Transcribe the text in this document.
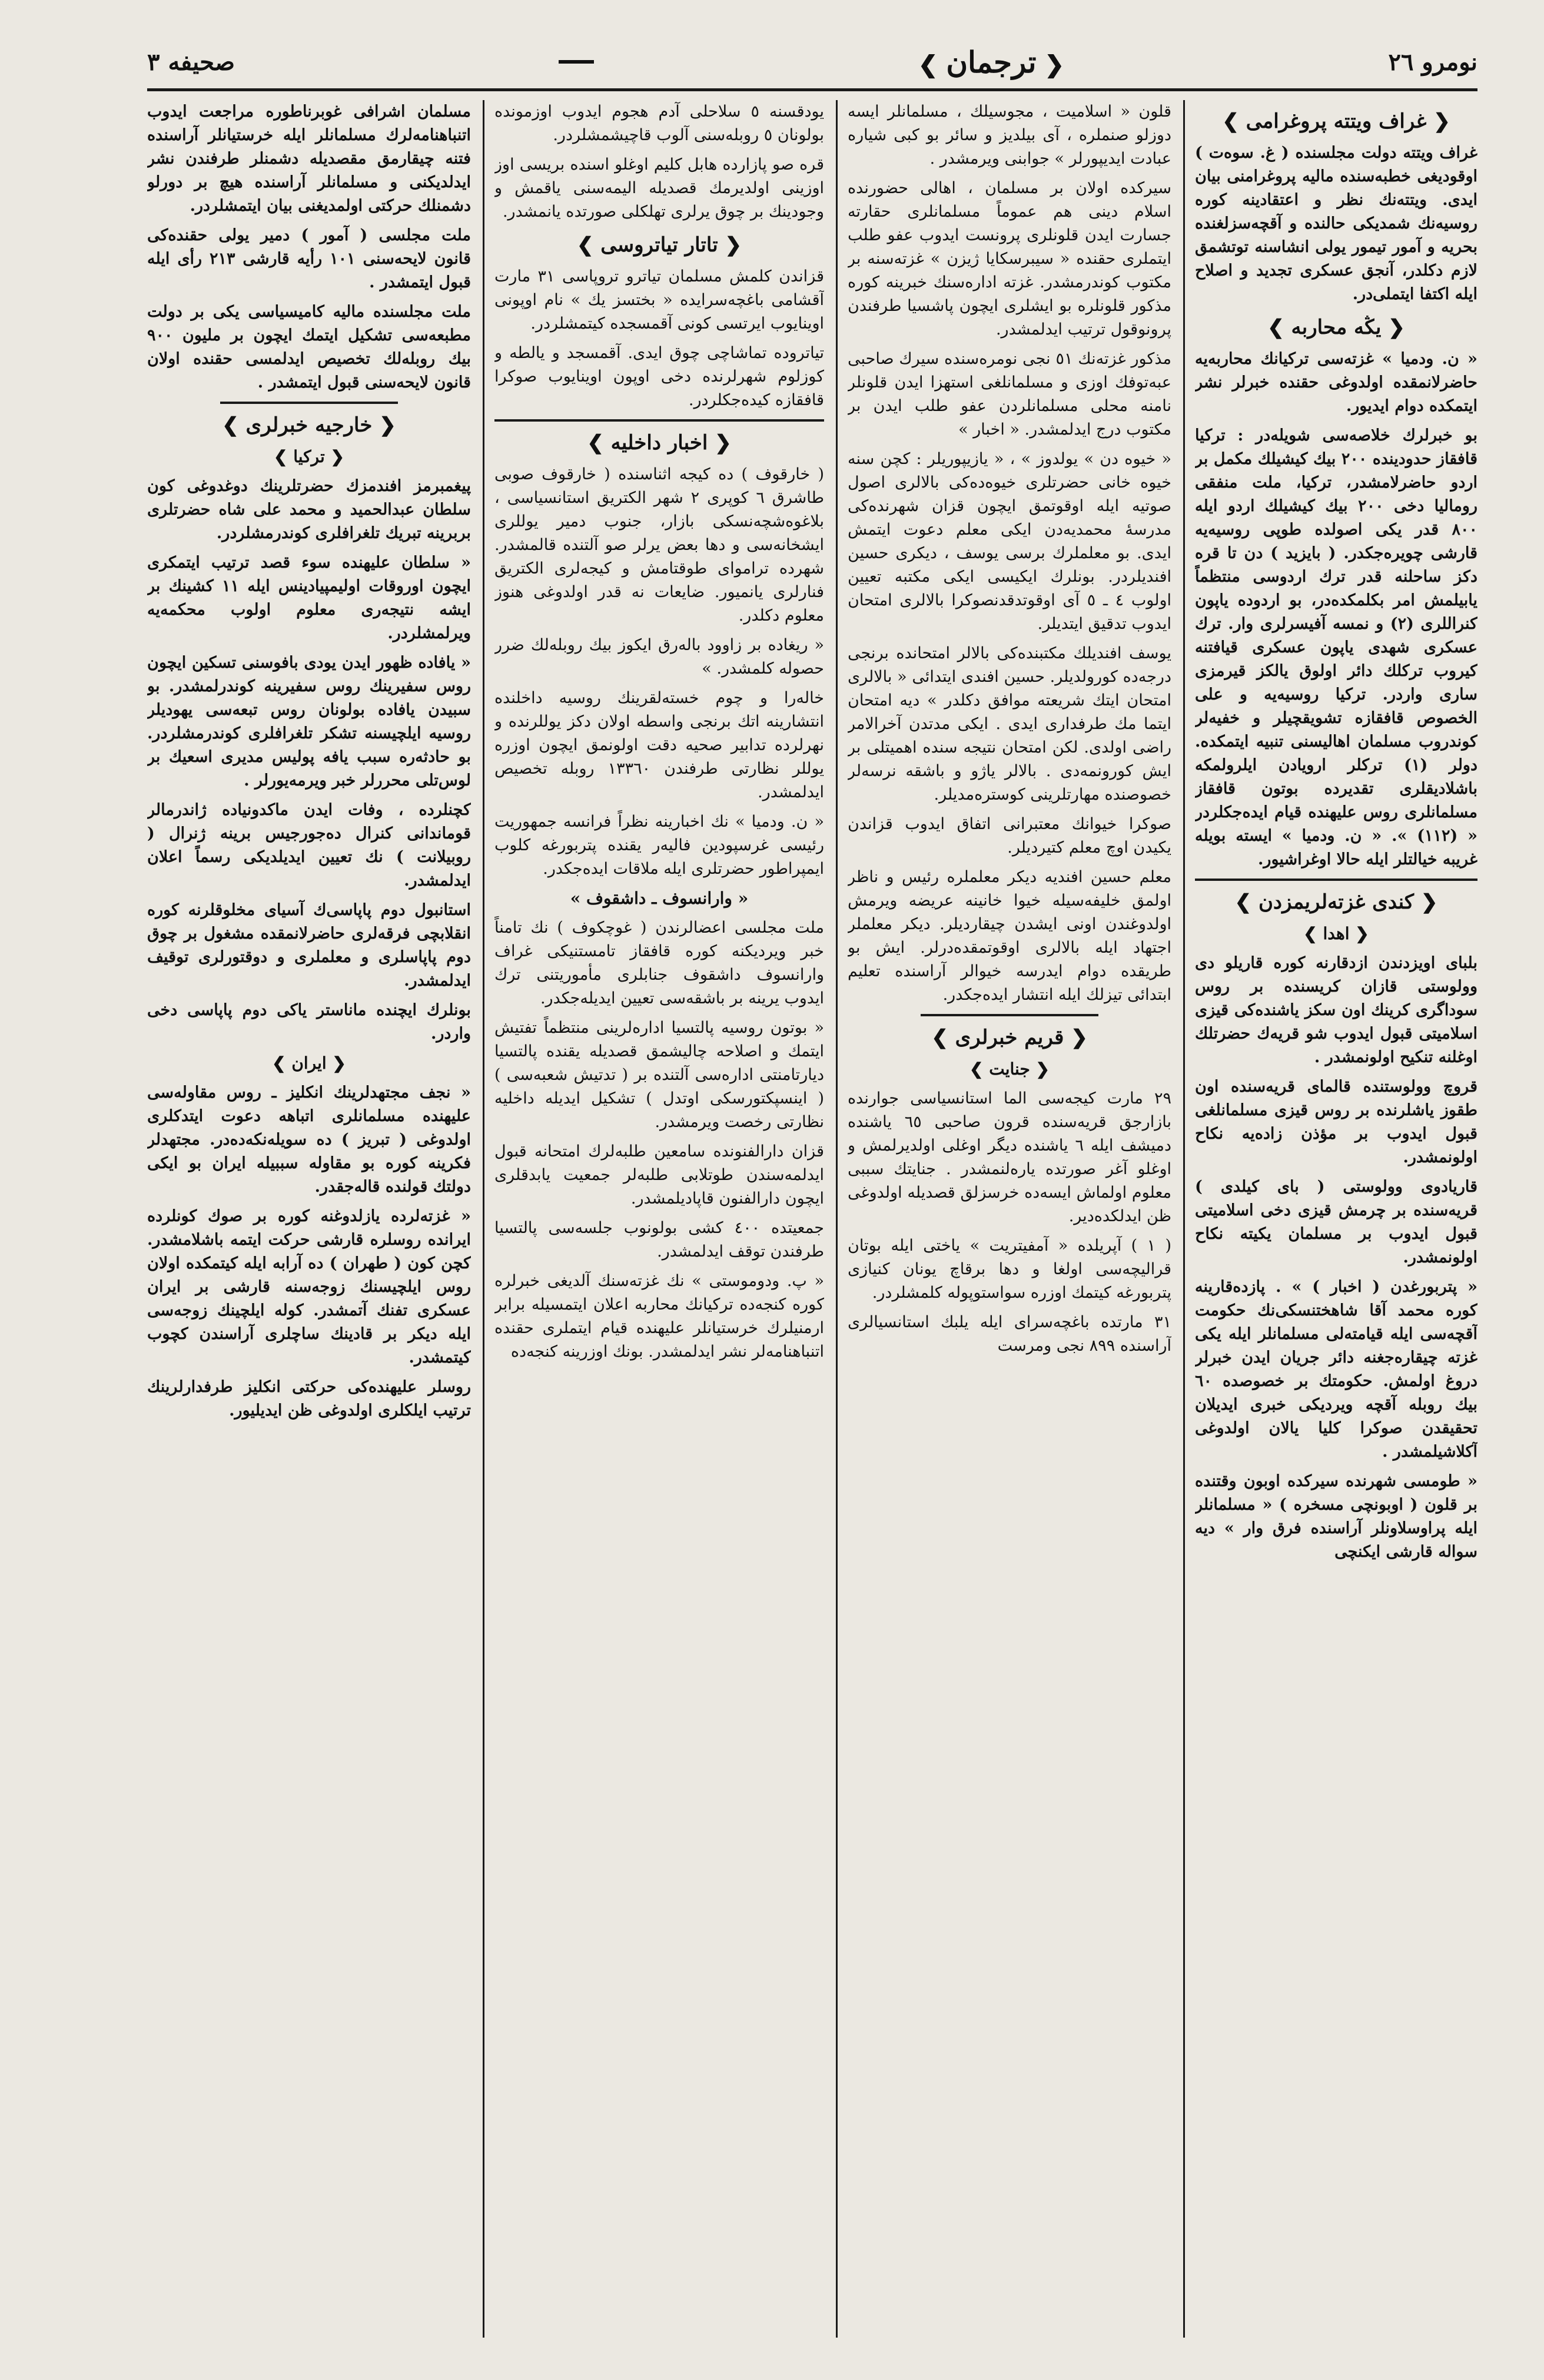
نومرو ٢٦
❮ ترجمان ❯
صحيفه ٣
❮ غراف ويتته پروغرامی ❯

غراف ويتته دولت مجلسنده ( غ. سوەت ) اوقوديغی خطبه‌سنده ماليه پروغرامنی بيان ايدی. ويتته‌نك نظر و اعتقادينه كوره روسيه‌نك شمديكی حالنده و آقچه‌سزلغنده بحريه و آمور تيمور يولی انشاسنه توتشمق لازم دكلدر، آنجق عسكری تجديد و اصلاح ايله اكتفا ايتملی‌در.

❮ يڭه محاربه ❯

« ن. ودميا » غزته‌سی تركيانك محاربه‌يه حاضرلانمقده اولدوغی حقنده خبرلر نشر ايتمكده دوام ايديور.

بو خبرلرك خلاصه‌سی شويله‌در : تركيا قافقاز حدودينده ٢٠٠ بيك كيشيلك مكمل بر اردو حاضرلامشدر، تركيا، ملت منفقی روماليا دخی ٢٠٠ بيك كيشيلك اردو ايله ٨٠٠ قدر يكی اصولده طوپی روسيه‌يه قارشی چويره‌جكدر. ( بايزيد ) دن تا قره دكز ساحلنه قدر ترك اردوسی منتظماً يابيلمش امر بكلمكده‌در، بو اردوده ياپون كنراللری (٢) و نمسه آفيسرلری وار. ترك عسكری شهدی ياپون عسكری قيافتنه كيروب تركلك دائر اولوق يالكز قيرمزی ساری واردر. تركيا روسيه‌يه و على الخصوص قافقازه تشويقچيلر و خفيه‌لر كوندروب مسلمان اهاليسنی تنبيه ايتمكده. دولر (١) تركلر ارويادن ايلرولمكه باشلاديقلری تقديرده بوتون قافقاز مسلمانلری روس عليهنده قيام ايدەجكلردر « (١١٢) ». « ن. ودميا » ايسته بويله غريبه خيالتلر ايله حالا اوغراشيور.

❮ كندی غزته‌لريمزدن ❯
❮ اهدا ❯

بلبای اويزدندن ازدقارنه كوره قاريلو دی وولوستی قازان كريسنده بر روس سوداگری كرينك اون سكز ياشنده‌كی قيزی اسلاميتی قبول ايدوب شو قريه‌ك حضرتلك اوغلنه تنكيح اولونمشدر .

قروچ وولوستنده قالمای قريه‌سنده اون طقوز ياشلرنده بر روس قيزی مسلمانلغی قبول ايدوب بر مؤذن زاده‌يه نكاح اولونمشدر.

قاريادوی وولوستی ( بای كيلدی ) قريه‌سنده بر چرمش قيزی دخی اسلاميتی قبول ايدوب بر مسلمان يكيته نكاح اولونمشدر.

« پتربورغدن ( اخبار ) » . پازده‌قارينه كوره محمد آقا شاهختنسكی‌نك حكومت آقچه‌سی ايله قيامته‌لی مسلمانلر ايله يكی غزته چيقاره‌جغنه دائر جريان ايدن خبرلر دروغ اولمش. حكومتك بر خصوصده ٦٠ بيك روبله آقچه ويرديكی خبری ايديلان تحقيقدن صوكرا كليا يالان اولدوغی آكلاشيلمشدر .

« طومسی شهرنده سيركده اوبون وقتنده بر قلون ( اوبونچی مسخره ) « مسلمانلر ايله پراوسلاونلر آراسنده فرق وار » ديه سواله قارشی ايكنچی

قلون « اسلاميت ، مجوسيلك ، مسلمانلر ايسه دوزلو صنملره ، آی بيلديز و سائر بو كبی شياره عبادت ايديپورلر » جوابنی ويرمشدر .

سيركده اولان بر مسلمان ، اهالی حضورنده اسلام دينی هم عموماً مسلمانلری حقارته جسارت ايدن قلونلری پرونست ايدوب عفو طلب ايتملری حقنده « سيبرسكايا ژيزن » غزته‌سنه بر مكتوب كوندرمشدر. غزته ادارەسنك خبرينه كوره مذكور قلونلره بو ايشلری ايچون پاشسيا طرفندن پرونوقول ترتيب ايدلمشدر.

مذكور غزته‌نك ٥١ نجی نومرەسنده سيرك صاحبی عبه‌توفك اوزی و مسلمانلغی استهزا ايدن قلونلر نامنه محلی مسلمانلردن عفو طلب ايدن بر مكتوب درج ايدلمشدر. « اخبار »

« خيوه دن » يولدوز » ، « يازيپوريلر : كچن سنه خيوه خانی حضرتلری خيوه‌ده‌كی بالالری اصول صوتيه ايله اوقوتمق ايچون قزان شهرنده‌كی مدرسهٔ محمديه‌دن ايكی معلم دعوت ايتمش ايدی. بو معلملرك برسی يوسف ، ديكری حسين افنديلردر. بونلرك ايكيسی ايكی مكتبه تعيين اولوب ٤ ـ ٥ آی اوقوتدقدنصوكرا بالالری امتحان ايدوب تدقيق ايتديلر.

يوسف افنديلك مكتبنده‌كی بالالر امتحانده برنجی درجه‌ده كورولديلر. حسين افندی ايتدائی « بالالری امتحان ايتك شريعته موافق دكلدر » ديه امتحان ايتما مك طرفداری ايدی . ايكی مدتدن آخرالامر راضی اولدی. لكن امتحان نتيجه سنده اهميتلی بر ايش كورونمه‌دی . بالالر ياژو و باشقه نرسه‌لر خصوصنده مهارتلرينی كوستره‌مديلر.

صوكرا خيوانك معتبرانی اتفاق ايدوب قزاندن يكيدن اوچ معلم كتيرديلر.

معلم حسين افنديه ديكر معلملره رئيس و ناظر اولمق خليفه‌سيله خيوا خانينه عريضه ويرمش اولدوغندن اونی ايشدن چيقارديلر. ديكر معلملر اجتهاد ايله بالالری اوقوتمقده‌درلر. ايش بو طريقده دوام ايدرسه خيوالر آراسنده تعليم ابتدائی تيزلك ايله انتشار ايدەجكدر.

❮ قريم خبرلری ❯
❮ جنايت ❯

٢٩ مارت كيجه‌سی الما استانسياسی جوارنده بازارجق قريه‌سنده قرون صاحبی ٦٥ ياشنده دميشف ايله ٦ ياشنده ديگر اوغلی اولديرلمش و اوغلو آغر صورتده ياره‌لنمشدر . جنايتك سببی معلوم اولماش ايسه‌ده خرسزلق قصديله اولدوغی ظن ايدلكده‌دير.

( ١ ) آپريلده « آمفيتريت » ياختی ايله بوتان قراليچه‌سی اولغا و دها برقاچ يونان كنيازی پتربورغه كيتمك اوزره سواستوپوله كلمشلردر.

٣١ مارتده باغچه‌سرای ايله يلبك استانسيالری آراسنده ٨٩٩ نجی ومرست

يودقسنه ٥ سلاحلی آدم هجوم ايدوب اوزمونده بولونان ٥ روبله‌سنی آلوب قاچيشمشلردر.

قره صو پازارده هابل كليم اوغلو اسنده بريسی اوز اوزينی اولديرمك قصديله اليمه‌سنی ياقمش و وجودينك بر چوق يرلری تهلكلی صورتده يانمشدر.

❮ تاتار تياتروسی ❯

قزاندن كلمش مسلمان تياترو تروپاسی ٣١ مارت آقشامی باغچه‌سرايده « بختسز يك » نام اوپونی اوينايوب ايرتسی كونی آقمسجده كيتمشلردر.

تياتروده تماشاچی چوق ايدی. آقمسجد و يالطه و كوزلوم شهرلرنده دخی اوپون اوينايوب صوكرا قافقازه كيده‌جكلردر.

❮ اخبار داخليه ❯

( خارقوف ) ده كيجه اثناسنده ( خارقوف صوبی طاشرق ٦ كوپری ٢ شهر الكتريق استانسياسی ، بلاغوەشچه‌نسكی بازار، جنوب دمير يوللری ايشخانه‌سی و دها بعض يرلر صو آلتنده قالمشدر. شهرده ترامواى طوقتامش و كيجه‌لری الكتريق فنارلری يانميور. ضايعات نه قدر اولدوغی هنوز معلوم دكلدر.

« ريغاده بر زاوود بالەرق ايكوز بيك روبله‌لك ضرر حصوله كلمشدر. »

خالەرا و چوم خسته‌لقرينك روسيه داخلنده انتشارينه اتك برنجی واسطه اولان دكز يوللرنده و نهرلرده تدابير صحيه دقت اولونمق ايچون اوزره يوللر نظارتی طرفندن ١٣٣٦٠ روبله تخصيص ايدلمشدر.

« ن. ودميا » نك اخبارينه نظراً فرانسه جمهوريت رئيسی غرسپودين فاليەر يقنده پتربورغه كلوب ايمپراطور حضرتلری ايله ملاقات ايده‌جكدر.

« وارانسوف ـ داشقوف »

ملت مجلسی اعضالرندن ( غوچكوف ) نك تامناً خبر ويرديكنه كوره قافقاز تامستنيكی غراف وارانسوف داشقوف جنابلری مأموريتنی ترك ايدوب يرينه بر باشقه‌سی تعيين ايديله‌جكدر.

« بوتون روسيه پالتسيا اداره‌لرينی منتظماً تفتيش ايتمك و اصلاحه چاليشمق قصديله يقنده پالتسيا ديارتامنتی اداره‌سی آلتنده بر ( تدتيش شعبه‌سی ) ( اينسپكتورسكی اوتدل ) تشكيل ايديله داخليه نظارتی رخصت ويرمشدر.

قزان دارالفنونده سامعين طلبه‌لرك امتحانه قبول ايدلمه‌سندن طوتلابی طلبه‌لر جمعيت يابدقلری ايچون دارالفنون قاپاديلمشدر.

جمعيتده ٤٠٠ كشی بولونوب جلسه‌سی پالتسيا طرفندن توقف ايدلمشدر.

« پ. ودوموستی » نك غزته‌سنك آلديغی خبرلره كوره كنجه‌ده تركيانك محاربه اعلان ايتمسيله برابر ارمنيلرك خرستيانلر عليهنده قيام ايتملری حقنده اتنباهنامه‌لر نشر ايدلمشدر. بونك اوزرينه كنجه‌ده

مسلمان اشرافی غوبرناطوره مراجعت ايدوب اتنباهنامه‌لرك مسلمانلر ايله خرستيانلر آراسنده فتنه چيقارمق مقصديله دشمنلر طرفندن نشر ايدلديكنی و مسلمانلر آراسنده هيچ بر دورلو دشمنلك حركتی اولمديغنی بيان ايتمشلردر.

ملت مجلسی ( آمور ) دمير يولی حقنده‌كی قانون لايحه‌سنی ١٠١ رأيه قارشی ٢١٣ رأی ايله قبول ايتمشدر .

ملت مجلسنده ماليه كاميسياسی يكی بر دولت مطبعه‌سی تشكيل ايتمك ايچون بر مليون ٩٠٠ بيك روبله‌لك تخصيص ايدلمسی حقنده اولان قانون لايحه‌سنی قبول ايتمشدر .

❮ خارجيه خبرلری ❯
❮ تركيا ❯

پيغمبرمز افندمزك حضرتلرينك دوغدوغی كون سلطان عبدالحميد و محمد علی شاه حضرتلری بربرينه تبريك تلغرافلری كوندرمشلردر.

« سلطان عليهنده سوء قصد ترتيب ايتمكری ايچون اوروقات اوليمپيادينس ايله ١١ كشينك بر ايشه نتيجه‌ری معلوم اولوب محكمه‌يه ويرلمشلردر.

« يافاده ظهور ايدن يودی بافوسنی تسكين ايچون روس سفيرينك روس سفيرينه كوندرلمشدر. بو سبيدن يافاده بولونان روس تبعه‌سی يهوديلر روسيه ايلچيسنه تشكر تلغرافلری كوندرمشلردر. بو حادثه‌ره سبب يافه پوليس مديری اسعيك بر لوس‌تلی محررلر خبر ويرمەيورلر .

كچنلرده ، وفات ايدن ماكدونياده ژاندرمالر قوماندانی كنرال دەجورجيس برينه ژنرال ( روبيلانت ) نك تعيين ايديلديكی رسماً اعلان ايدلمشدر.

استانبول دوم پاپاسی‌ك آسيای مخلوقلرنه كوره انقلابچی فرقه‌لری حاضرلانمقده مشغول بر چوق دوم پاپاسلری و معلملری و دوقتورلری توقيف ايدلمشدر.

بونلرك ايچنده ماناستر ياكی دوم پاپاسی دخی واردر.

❮ ايران ❯

« نجف مجتهدلرينك انكليز ـ روس مقاوله‌سی عليهنده مسلمانلری اتباهه دعوت ايتدكلری اولدوغی ( تبريز ) ده سويله‌نكه‌ده‌در. مجتهدلر فكرينه كوره بو مقاوله سببيله ايران بو ايكی دولتك قولنده قاله‌جقدر.

« غزته‌لرده يازلدوغنه كوره بر صوك كونلرده ايرانده روسلره قارشی حركت ايتمه باشلامشدر. كچن كون ( طهران ) ده آرابه ايله كيتمكده اولان روس ايلچيسنك زوجه‌سنه قارشی بر ايران عسكری تفنك آتمشدر. كوله ايلچينك زوجه‌سی ايله ديكر بر قادينك ساچلری آراسندن كچوب كيتمشدر.

روسلر عليهنده‌كی حركتی انكليز طرفدارلرينك ترتيب ايلكلری اولدوغی ظن ايديليور.
